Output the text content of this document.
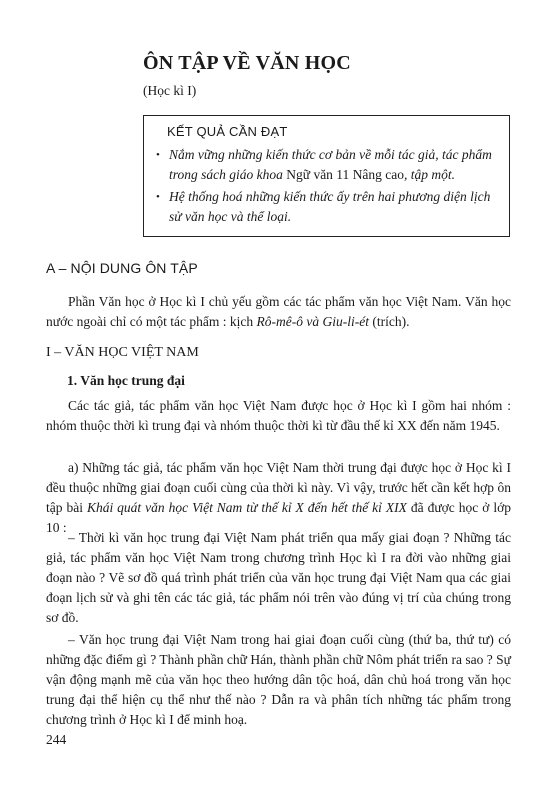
ÔN TẬP VỀ VĂN HỌC
(Học kì I)
KẾT QUẢ CẦN ĐẠT
• Nắm vững những kiến thức cơ bản về mỗi tác giả, tác phẩm trong sách giáo khoa Ngữ văn 11 Nâng cao, tập một.
• Hệ thống hoá những kiến thức ấy trên hai phương diện lịch sử văn học và thể loại.
A – NỘI DUNG ÔN TẬP

Phần Văn học ở Học kì I chủ yếu gồm các tác phẩm văn học Việt Nam. Văn học nước ngoài chỉ có một tác phẩm : kịch Rô-mê-ô và Giu-li-ét (trích).

I – VĂN HỌC VIỆT NAM
1. Văn học trung đại

Các tác giả, tác phẩm văn học Việt Nam được học ở Học kì I gồm hai nhóm : nhóm thuộc thời kì trung đại và nhóm thuộc thời kì từ đầu thế kỉ XX đến năm 1945.

a) Những tác giả, tác phẩm văn học Việt Nam thời trung đại được học ở Học kì I đều thuộc những giai đoạn cuối cùng của thời kì này. Vì vậy, trước hết cần kết hợp ôn tập bài Khái quát văn học Việt Nam từ thế kỉ X đến hết thế kỉ XIX đã được học ở lớp 10 :

– Thời kì văn học trung đại Việt Nam phát triển qua mấy giai đoạn ? Những tác giả, tác phẩm văn học Việt Nam trong chương trình Học kì I ra đời vào những giai đoạn nào ? Vẽ sơ đồ quá trình phát triển của văn học trung đại Việt Nam qua các giai đoạn lịch sử và ghi tên các tác giả, tác phẩm nói trên vào đúng vị trí của chúng trong sơ đồ.

– Văn học trung đại Việt Nam trong hai giai đoạn cuối cùng (thứ ba, thứ tư) có những đặc điểm gì ? Thành phần chữ Hán, thành phần chữ Nôm phát triển ra sao ? Sự vận động mạnh mẽ của văn học theo hướng dân tộc hoá, dân chủ hoá trong văn học trung đại thể hiện cụ thể như thế nào ? Dẫn ra và phân tích những tác phẩm trong chương trình ở Học kì I để minh hoạ.

244
